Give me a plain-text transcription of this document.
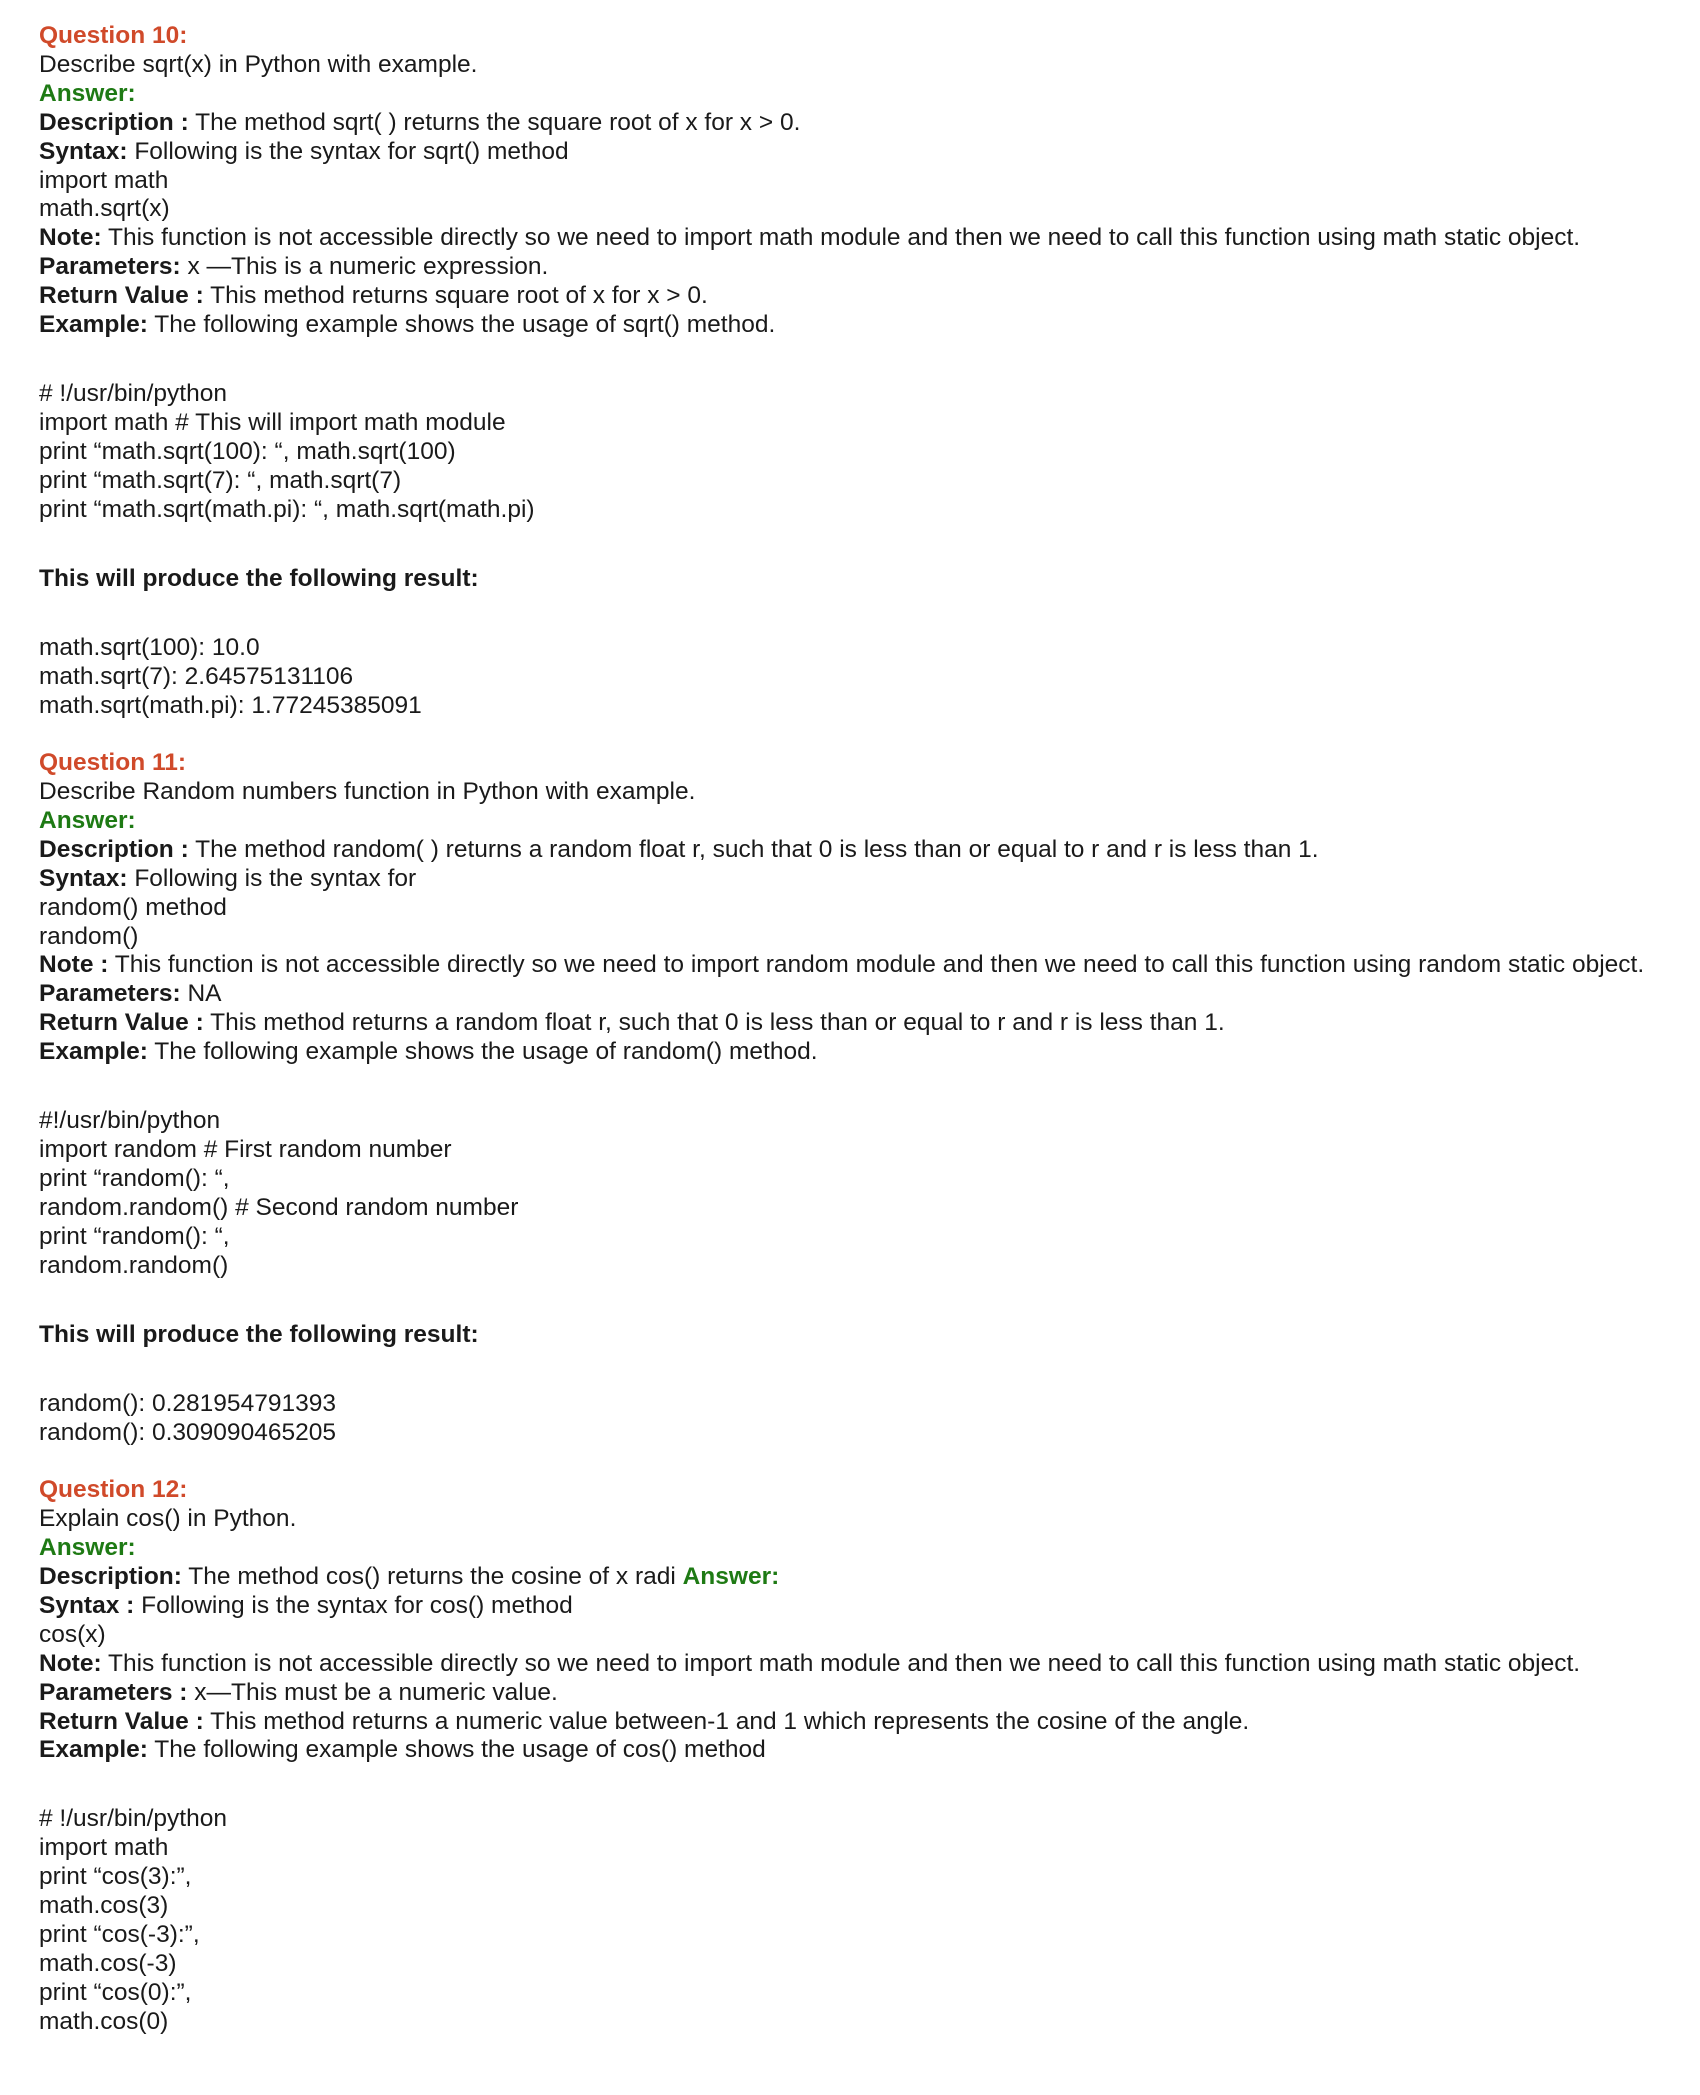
Question 10:
Describe sqrt(x) in Python with example.
Answer:
Description : The method sqrt( ) returns the square root of x for x > 0.
Syntax: Following is the syntax for sqrt() method
import math
math.sqrt(x)
Note: This function is not accessible directly so we need to import math module and then we need to call this function using math static object.
Parameters: x —This is a numeric expression.
Return Value : This method returns square root of x for x > 0.
Example: The following example shows the usage of sqrt() method.
# !/usr/bin/python
import math # This will import math module
print “math.sqrt(100): “, math.sqrt(100)
print “math.sqrt(7): “, math.sqrt(7)
print “math.sqrt(math.pi): “, math.sqrt(math.pi)
This will produce the following result:
math.sqrt(100): 10.0
math.sqrt(7): 2.64575131106
math.sqrt(math.pi): 1.77245385091
Question 11:
Describe Random numbers function in Python with example.
Answer:
Description : The method random( ) returns a random float r, such that 0 is less than or equal to r and r is less than 1.
Syntax: Following is the syntax for
random() method
random()
Note : This function is not accessible directly so we need to import random module and then we need to call this function using random static object.
Parameters: NA
Return Value : This method returns a random float r, such that 0 is less than or equal to r and r is less than 1.
Example: The following example shows the usage of random() method.
#!/usr/bin/python
import random # First random number
print “random(): “,
random.random() # Second random number
print “random(): “,
random.random()
This will produce the following result:
random(): 0.281954791393
random(): 0.309090465205
Question 12:
Explain cos() in Python.
Answer:
Description: The method cos() returns the cosine of x radi Answer:
Syntax : Following is the syntax for cos() method
cos(x)
Note: This function is not accessible directly so we need to import math module and then we need to call this function using math static object.
Parameters : x—This must be a numeric value.
Return Value : This method returns a numeric value between-1 and 1 which represents the cosine of the angle.
Example: The following example shows the usage of cos() method
# !/usr/bin/python
import math
print “cos(3):”,
math.cos(3)
print “cos(-3):”,
math.cos(-3)
print “cos(0):”,
math.cos(0)
